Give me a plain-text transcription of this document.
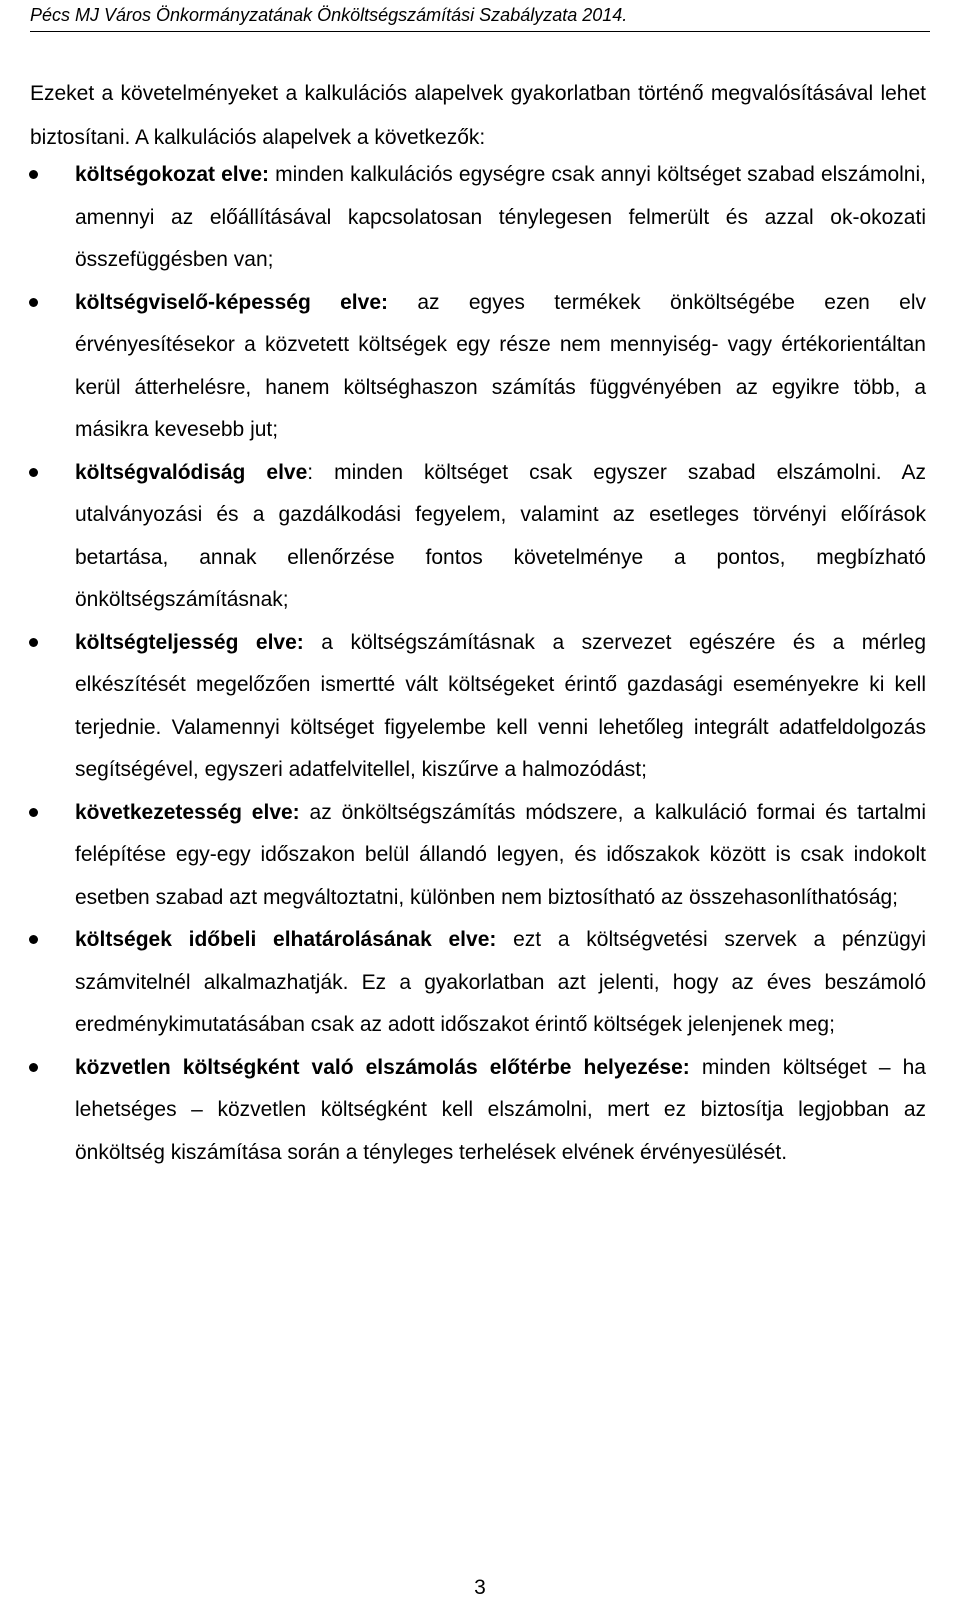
Pécs MJ Város Önkormányzatának Önköltségszámítási Szabályzata 2014.

Ezeket a követelményeket a kalkulációs alapelvek gyakorlatban történő megvalósításával lehet biztosítani. A kalkulációs alapelvek a következők:

költségokozat elve: minden kalkulációs egységre csak annyi költséget szabad elszámolni, amennyi az előállításával kapcsolatosan ténylegesen felmerült és azzal ok-okozati összefüggésben van;
költségviselő-képesség elve: az egyes termékek önköltségébe ezen elv érvényesítésekor a közvetett költségek egy része nem mennyiség- vagy értékorientáltan kerül átterhelésre, hanem költséghaszon számítás függvényében az egyikre több, a másikra kevesebb jut;
költségvalódiság elve: minden költséget csak egyszer szabad elszámolni. Az utalványozási és a gazdálkodási fegyelem, valamint az esetleges törvényi előírások betartása, annak ellenőrzése fontos követelménye a pontos, megbízható önköltségszámításnak;
költségteljesség elve: a költségszámításnak a szervezet egészére és a mérleg elkészítését megelőzően ismertté vált költségeket érintő gazdasági eseményekre ki kell terjednie. Valamennyi költséget figyelembe kell venni lehetőleg integrált adatfeldolgozás segítségével, egyszeri adatfelvitellel, kiszűrve a halmozódást;
következetesség elve: az önköltségszámítás módszere, a kalkuláció formai és tartalmi felépítése egy-egy időszakon belül állandó legyen, és időszakok között is csak indokolt esetben szabad azt megváltoztatni, különben nem biztosítható az összehasonlíthatóság;
költségek időbeli elhatárolásának elve: ezt a költségvetési szervek a pénzügyi számvitelnél alkalmazhatják. Ez a gyakorlatban azt jelenti, hogy az éves beszámoló eredménykimutatásában csak az adott időszakot érintő költségek jelenjenek meg;
közvetlen költségként való elszámolás előtérbe helyezése: minden költséget – ha lehetséges – közvetlen költségként kell elszámolni, mert ez biztosítja legjobban az önköltség kiszámítása során a tényleges terhelések elvének érvényesülését.
3
